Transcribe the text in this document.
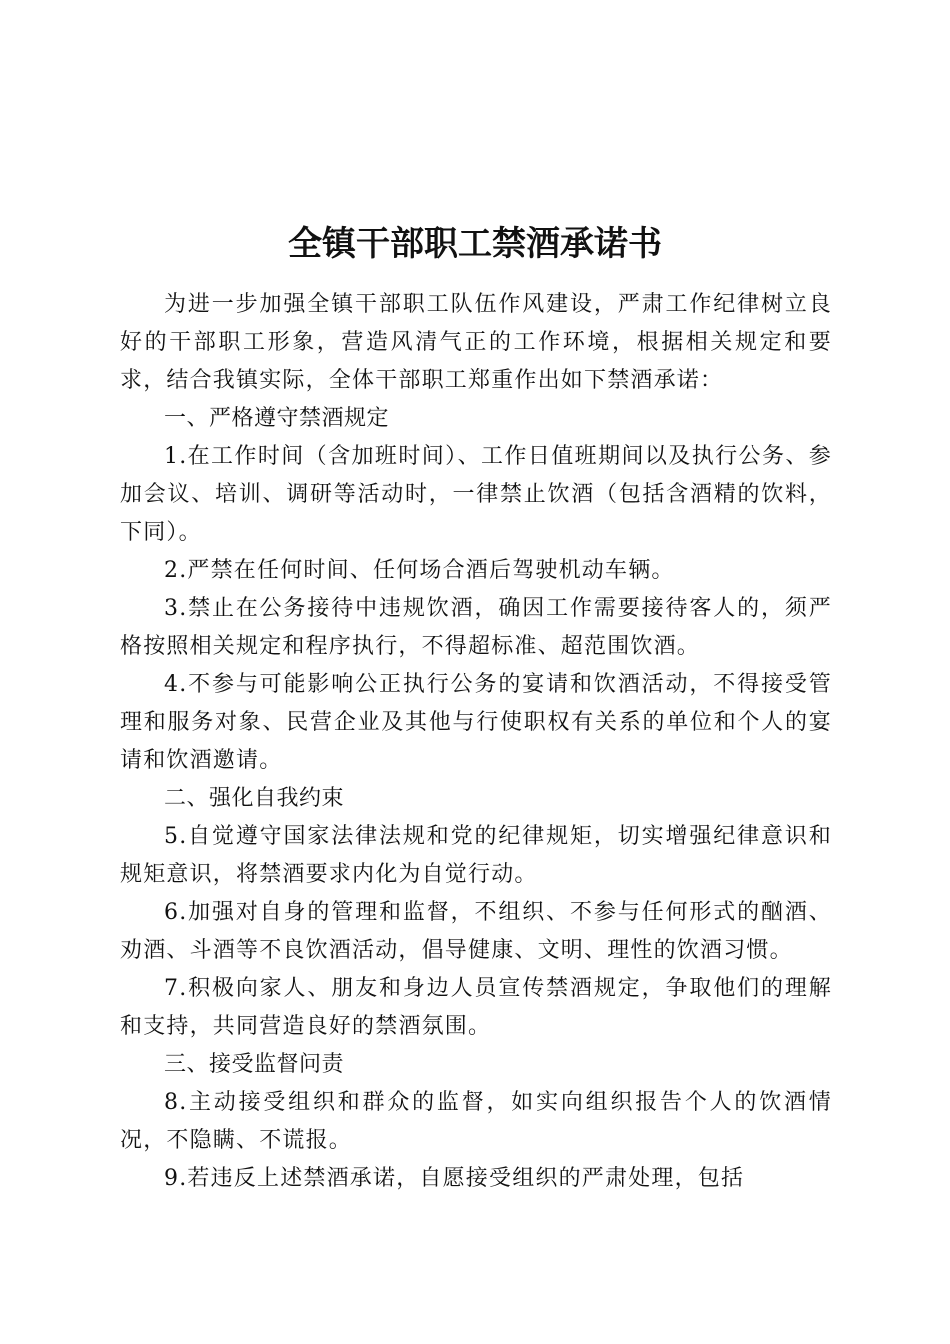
全镇干部职工禁酒承诺书

为进一步加强全镇干部职工队伍作风建设，严肃工作纪律树立良好的干部职工形象，营造风清气正的工作环境，根据相关规定和要求，结合我镇实际，全体干部职工郑重作出如下禁酒承诺：

一、严格遵守禁酒规定

1.在工作时间（含加班时间）、工作日值班期间以及执行公务、参加会议、培训、调研等活动时，一律禁止饮酒（包括含酒精的饮料，下同）。

2.严禁在任何时间、任何场合酒后驾驶机动车辆。

3.禁止在公务接待中违规饮酒，确因工作需要接待客人的，须严格按照相关规定和程序执行，不得超标准、超范围饮酒。

4.不参与可能影响公正执行公务的宴请和饮酒活动，不得接受管理和服务对象、民营企业及其他与行使职权有关系的单位和个人的宴请和饮酒邀请。

二、强化自我约束

5.自觉遵守国家法律法规和党的纪律规矩，切实增强纪律意识和规矩意识，将禁酒要求内化为自觉行动。

6.加强对自身的管理和监督，不组织、不参与任何形式的酗酒、劝酒、斗酒等不良饮酒活动，倡导健康、文明、理性的饮酒习惯。

7.积极向家人、朋友和身边人员宣传禁酒规定，争取他们的理解和支持，共同营造良好的禁酒氛围。

三、接受监督问责

8.主动接受组织和群众的监督，如实向组织报告个人的饮酒情况，不隐瞒、不谎报。

9.若违反上述禁酒承诺，自愿接受组织的严肃处理，包括
